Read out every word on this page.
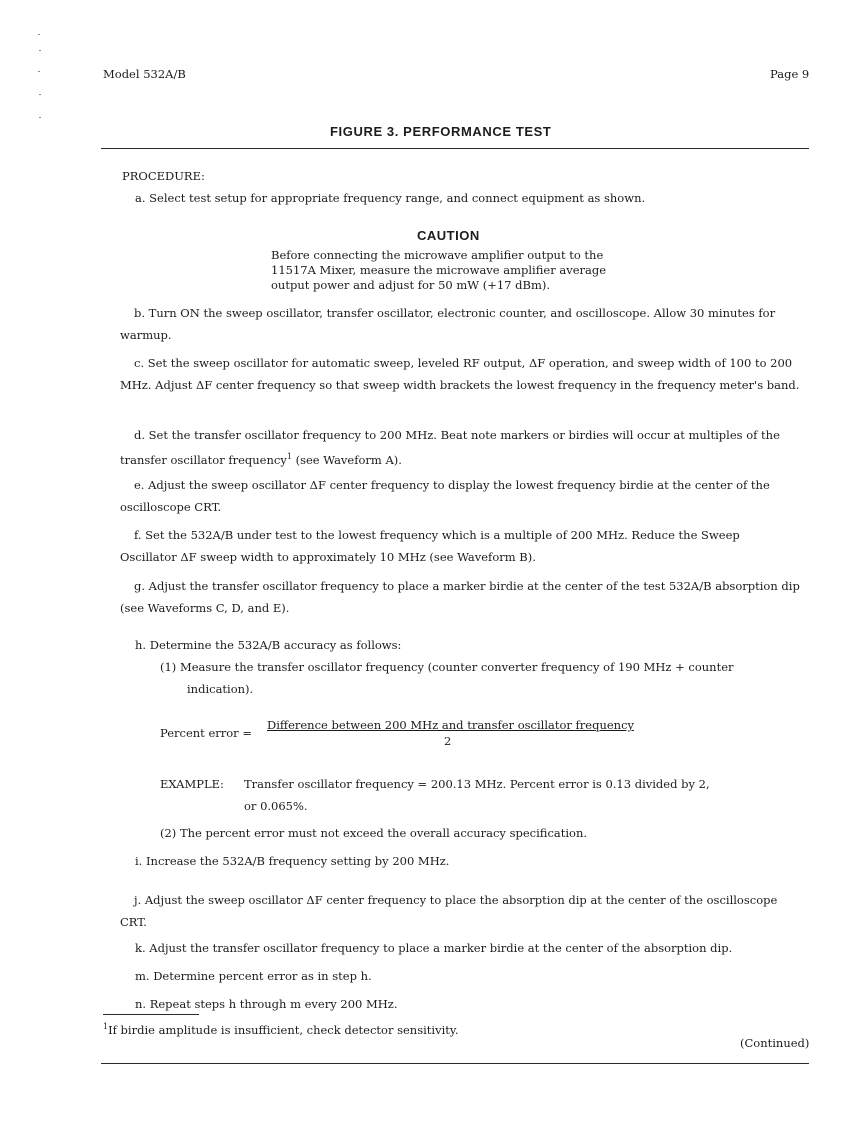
Model 532A/B	Page 9
FIGURE 3. PERFORMANCE TEST
PROCEDURE:
a. Select test setup for appropriate frequency range, and connect equipment as shown.
CAUTION
Before connecting the microwave amplifier output to the
11517A Mixer, measure the microwave amplifier average
output power and adjust for 50 mW (+17 dBm).
b. Turn ON the sweep oscillator, transfer oscillator, electronic counter, and oscilloscope. Allow 30 minutes for warmup.
c. Set the sweep oscillator for automatic sweep, leveled RF output, ΔF operation, and sweep width of 100 to 200 MHz. Adjust ΔF center frequency so that sweep width brackets the lowest frequency in the frequency meter's band.
d. Set the transfer oscillator frequency to 200 MHz. Beat note markers or birdies will occur at multiples of the transfer oscillator frequency$^1$ (see Waveform A).
e. Adjust the sweep oscillator ΔF center frequency to display the lowest frequency birdie at the center of the oscilloscope CRT.
f. Set the 532A/B under test to the lowest frequency which is a multiple of 200 MHz. Reduce the Sweep Oscillator ΔF sweep width to approximately 10 MHz (see Waveform B).
g. Adjust the transfer oscillator frequency to place a marker birdie at the center of the test 532A/B absorption dip (see Waveforms C, D, and E).
h. Determine the 532A/B accuracy as follows:
(1) Measure the transfer oscillator frequency (counter converter frequency of 190 MHz + counter
indication).
Percent error =
Difference between 200 MHz and transfer oscillator frequency
2
EXAMPLE: Transfer oscillator frequency = 200.13 MHz. Percent error is 0.13 divided by 2,
or 0.065%.
(2) The percent error must not exceed the overall accuracy specification.
i. Increase the 532A/B frequency setting by 200 MHz.
j. Adjust the sweep oscillator ΔF center frequency to place the absorption dip at the center of the oscilloscope CRT.
k. Adjust the transfer oscillator frequency to place a marker birdie at the center of the absorption dip.
m. Determine percent error as in step h.
n. Repeat steps h through m every 200 MHz.
$^1$If birdie amplitude is insufficient, check detector sensitivity.
(Continued)
